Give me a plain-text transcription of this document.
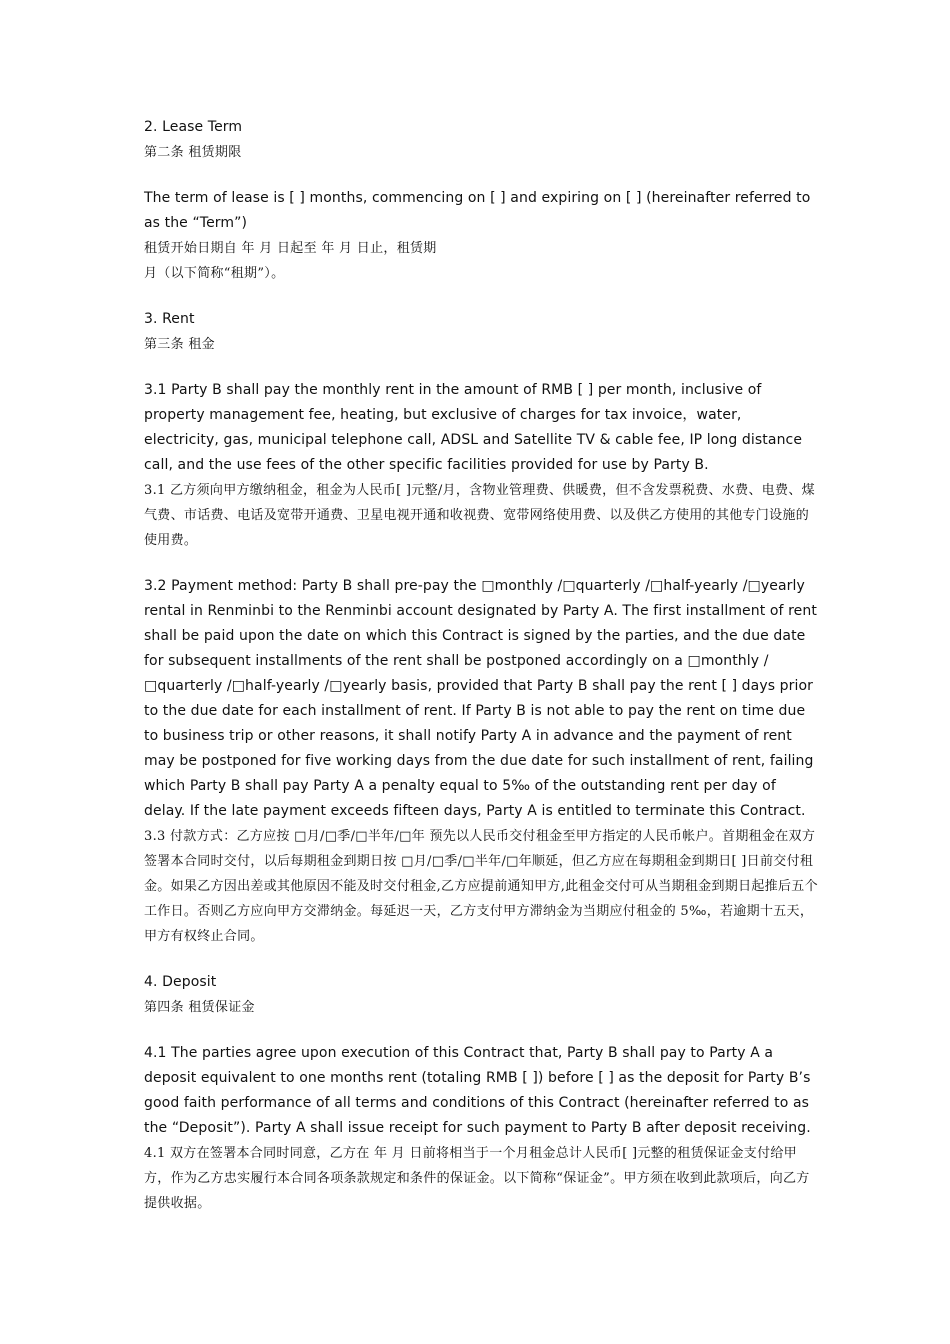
2. Lease Term

第二条 租赁期限

The term of lease is [ ] months, commencing on [ ] and expiring on [ ] (hereinafter referred to as the “Term”)

租赁开始日期自 年 月 日起至 年 月 日止，租赁期

月（以下简称“租期”）。

3. Rent

第三条 租金

3.1 Party B shall pay the monthly rent in the amount of RMB [ ] per month, inclusive of property management fee, heating, but exclusive of charges for tax invoice，water, electricity, gas, municipal telephone call, ADSL and Satellite TV & cable fee, IP long distance call, and the use fees of the other specific facilities provided for use by Party B.

3.1 乙方须向甲方缴纳租金，租金为人民币[ ]元整/月，含物业管理费、供暖费，但不含发票税费、水费、电费、煤气费、市话费、电话及宽带开通费、卫星电视开通和收视费、宽带网络使用费、以及供乙方使用的其他专门设施的使用费。

3.2 Payment method: Party B shall pre-pay the □monthly /□quarterly /□half-yearly /□yearly rental in Renminbi to the Renminbi account designated by Party A. The first installment of rent shall be paid upon the date on which this Contract is signed by the parties, and the due date for subsequent installments of the rent shall be postponed accordingly on a □monthly /□quarterly /□half-yearly /□yearly basis, provided that Party B shall pay the rent [ ] days prior to the due date for each installment of rent. If Party B is not able to pay the rent on time due to business trip or other reasons, it shall notify Party A in advance and the payment of rent may be postponed for five working days from the due date for such installment of rent, failing which Party B shall pay Party A a penalty equal to 5‰ of the outstanding rent per day of delay. If the late payment exceeds fifteen days, Party A is entitled to terminate this Contract.

3.3 付款方式：乙方应按 □月/□季/□半年/□年 预先以人民币交付租金至甲方指定的人民币帐户。首期租金在双方签署本合同时交付，以后每期租金到期日按 □月/□季/□半年/□年顺延，但乙方应在每期租金到期日[ ]日前交付租金。如果乙方因出差或其他原因不能及时交付租金,乙方应提前通知甲方,此租金交付可从当期租金到期日起推后五个工作日。否则乙方应向甲方交滞纳金。每延迟一天，乙方支付甲方滞纳金为当期应付租金的 5‰，若逾期十五天，甲方有权终止合同。

4. Deposit

第四条 租赁保证金

4.1 The parties agree upon execution of this Contract that, Party B shall pay to Party A a deposit equivalent to one months rent (totaling RMB [ ]) before [ ] as the deposit for Party B’s good faith performance of all terms and conditions of this Contract (hereinafter referred to as the “Deposit”). Party A shall issue receipt for such payment to Party B after deposit receiving.

4.1 双方在签署本合同时同意，乙方在 年 月 日前将相当于一个月租金总计人民币[ ]元整的租赁保证金支付给甲方，作为乙方忠实履行本合同各项条款规定和条件的保证金。以下简称“保证金”。甲方须在收到此款项后，向乙方提供收据。
